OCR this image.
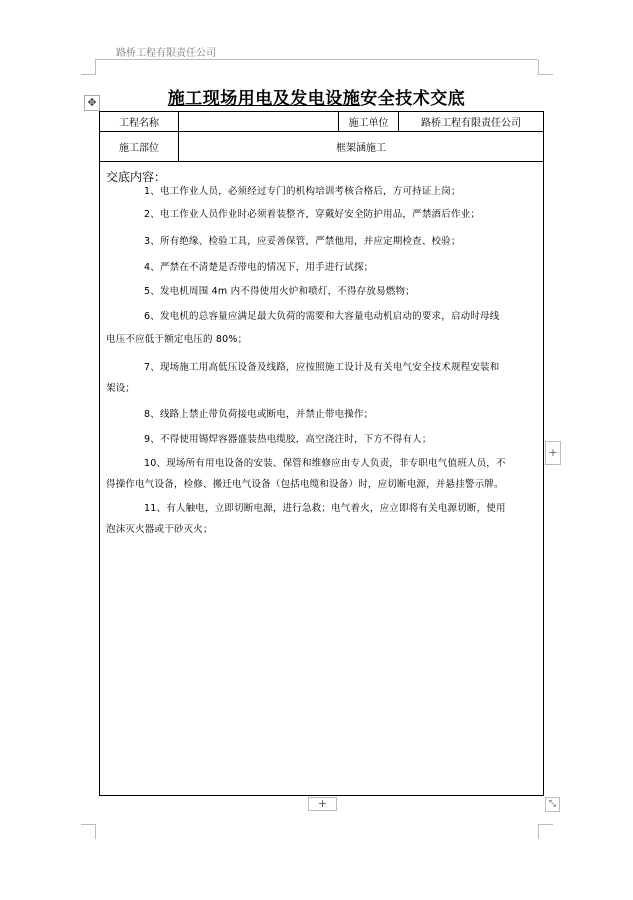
路桥工程有限责任公司
✥	施工现场用电及发电设施安全技术交底
工程名称	施工单位	路桥工程有限责任公司
施工部位	框架涵施工
交底内容：
1、电工作业人员，必须经过专门的机构培训考核合格后，方可持证上岗；
2、电工作业人员作业时必须着装整齐，穿戴好安全防护用品，严禁酒后作业；
3、所有绝缘、检验工具，应妥善保管，严禁他用，并应定期检查、校验；
4、严禁在不清楚是否带电的情况下，用手进行试探；
5、发电机周围 4m 内不得使用火炉和喷灯，不得存放易燃物；
6、发电机的总容量应满足最大负荷的需要和大容量电动机启动的要求，启动时母线
电压不应低于额定电压的 80%；
7、现场施工用高低压设备及线路，应按照施工设计及有关电气安全技术规程安装和
架设；
8、线路上禁止带负荷接电或断电，并禁止带电操作；
9、不得使用锡焊容器盛装热电缆胶，高空浇注时，下方不得有人；
10、现场所有用电设备的安装、保管和维修应由专人负责，非专职电气值班人员，不
得操作电气设备，检修、搬迁电气设备（包括电缆和设备）时，应切断电源，并悬挂警示牌。
11、有人触电，立即切断电源，进行急救；电气着火，应立即将有关电源切断，使用
泡沫灭火器或干砂灭火；
+
+	⤡
